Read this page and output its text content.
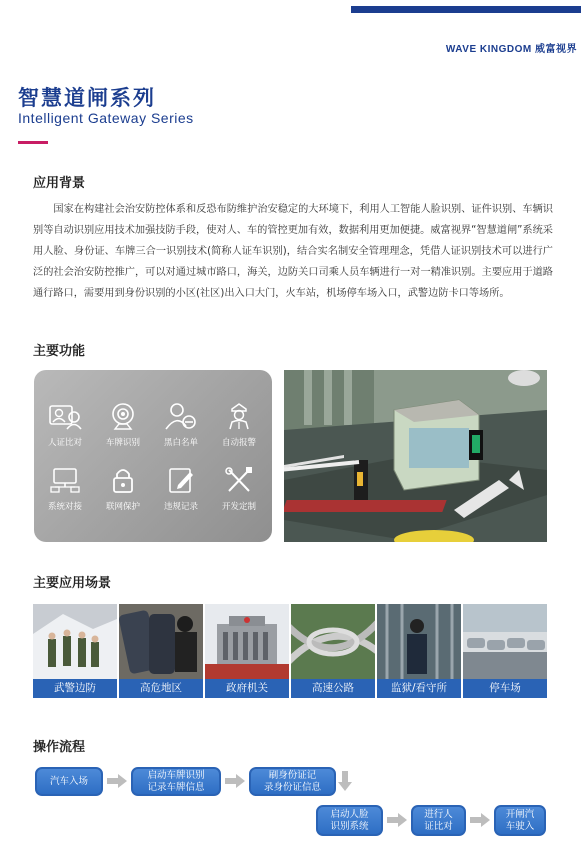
WAVE KINGDOM 威富视界
智慧道闸系列
Intelligent Gateway Series
应用背景
国家在构建社会治安防控体系和反恐布防维护治安稳定的大环境下，利用人工智能人脸识别、证件识别、车辆识别等自动识别应用技术加强技防手段，使对人、车的管控更加有效，数据利用更加便捷。威富视界“智慧道闸”系统采用人脸、身份证、车牌三合一识别技术(简称人证车识别)，结合实名制安全管理理念，凭借人证识别技术可以进行广泛的社会治安防控推广，可以对通过城市路口，海关，边防关口司乘人员车辆进行一对一精准识别。主要应用于道路通行路口，需要用到身份识别的小区(社区)出入口大门，火车站，机场停车场入口，武警边防卡口等场所。
主要功能
人证比对	车牌识别	黑白名单	自动报警
系统对接	联网保护	违规记录	开发定制
主要应用场景
武警边防	高危地区	政府机关	高速公路	监狱/看守所	停车场
操作流程
汽车入场
启动车牌识别
记录车牌信息
刷身份证记
录身份证信息
启动人脸
识别系统
进行人
证比对
开闸汽
车驶入
